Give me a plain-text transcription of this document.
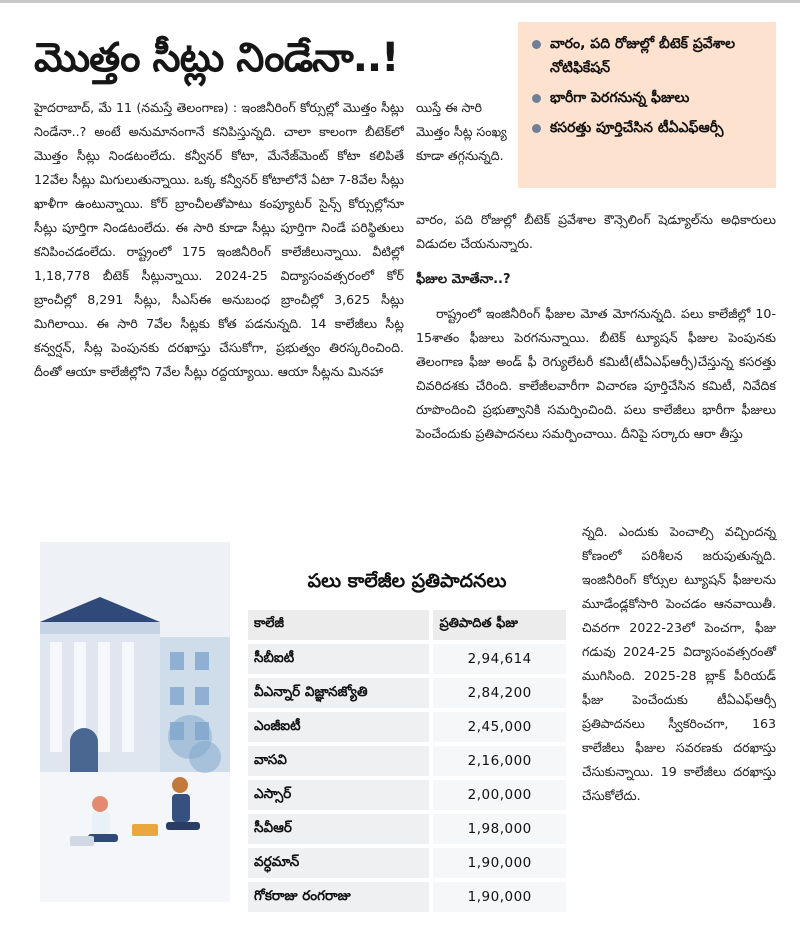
మొత్తం సీట్లు నిండేనా..!	వారం, పది రోజుల్లో బీటెక్ ప్రవేశాల నోటిఫికేషన్
భారీగా పెరగనున్న ఫీజులు
కసరత్తు పూర్తిచేసిన టీఏఎఫ్ఆర్సీ

హైదరాబాద్, మే 11 (నమస్తే తెలంగాణ) : ఇంజినీరింగ్ కోర్సుల్లో మొత్తం సీట్లు నిండేనా..? అంటే అనుమానంగానే కనిపిస్తున్నది. చాలా కాలంగా బీటెక్‌లో మొత్తం సీట్లు నిండటంలేదు. కన్వీనర్ కోటా, మేనేజ్‌మెంట్ కోటా కలిపితే 12వేల సీట్లు మిగులుతున్నాయి. ఒక్క కన్వీనర్ కోటాలోనే ఏటా 7-8వేల సీట్లు ఖాళీగా ఉంటున్నాయి. కోర్ బ్రాంచీలతోపాటు కంప్యూటర్ సైన్స్ కోర్సుల్లోనూ సీట్లు పూర్తిగా నిండటంలేదు. ఈ సారి కూడా సీట్లు పూర్తిగా నిండే పరిస్థితులు కనిపించడంలేదు. రాష్ట్రంలో 175 ఇంజినీరింగ్ కాలేజీలున్నాయి. వీటిల్లో 1,18,778 బీటెక్ సీట్లున్నాయి. 2024-25 విద్యాసంవత్సరంలో కోర్ బ్రాంచీల్లో 8,291 సీట్లు, సీఎస్ఈ అనుబంధ బ్రాంచీల్లో 3,625 సీట్లు మిగిలాయి. ఈ సారి 7వేల సీట్లకు కోత పడనున్నది. 14 కాలేజీలు సీట్ల కన్వర్షన్, సీట్ల పెంపునకు దరఖాస్తు చేసుకోగా, ప్రభుత్వం తిరస్కరించింది. దీంతో ఆయా కాలేజీల్లోని 7వేల సీట్లు రద్దయ్యాయి. ఆయా సీట్లను మినహా

యిస్తే ఈ సారి మొత్తం సీట్ల సంఖ్య కూడా తగ్గనున్నది.

వారం, పది రోజుల్లో బీటెక్ ప్రవేశాల కౌన్సెలింగ్ షెడ్యూల్‌ను అధికారులు విడుదల చేయనున్నారు.

ఫీజుల మోతేనా..?

రాష్ట్రంలో ఇంజినీరింగ్ ఫీజుల మోత మోగనున్నది. పలు కాలేజీల్లో 10-15శాతం ఫీజులు పెరగనున్నాయి. బీటెక్ ట్యూషన్ ఫీజుల పెంపునకు తెలంగాణ ఫీజు అండ్ ఫీ రెగ్యులేటరీ కమిటీ(టీఏఎఫ్ఆర్సీ)చేస్తున్న కసరత్తు చివరిదశకు చేరింది. కాలేజీలవారీగా విచారణ పూర్తిచేసిన కమిటీ, నివేదిక రూపొందించి ప్రభుత్వానికి సమర్పించింది. పలు కాలేజీలు భారీగా ఫీజులు పెంచేందుకు ప్రతిపాదనలు సమర్పించాయి. దీనిపై సర్కారు ఆరా తీస్తు

న్నది. ఎందుకు పెంచాల్సి వచ్చిందన్న కోణంలో పరిశీలన జరుపుతున్నది. ఇంజినీరింగ్ కోర్సుల ట్యూషన్ ఫీజులను మూడేండ్లకోసారి పెంచడం ఆనవాయితీ. చివరగా 2022-23లో పెంచగా, ఫీజు గడువు 2024-25 విద్యాసంవత్సరంతో ముగిసింది. 2025-28 బ్లాక్ పీరియడ్ ఫీజు పెంచేందుకు టీఏఎఫ్ఆర్సీ ప్రతిపాదనలు స్వీకరించగా, 163 కాలేజీలు ఫీజుల సవరణకు దరఖాస్తు చేసుకున్నాయి. 19 కాలేజీలు దరఖాస్తు చేసుకోలేదు.

పలు కాలేజీల ప్రతిపాదనలు
కాలేజీ	ప్రతిపాదిత ఫీజు
సీబీఐటీ	2,94,614
వీఎన్నార్ విజ్ఞానజ్యోతి	2,84,200
ఎంజీఐటీ	2,45,000
వాసవి	2,16,000
ఎస్సార్	2,00,000
సీవీఆర్	1,98,000
వర్ధమాన్	1,90,000
గోకరాజు రంగరాజు	1,90,000
